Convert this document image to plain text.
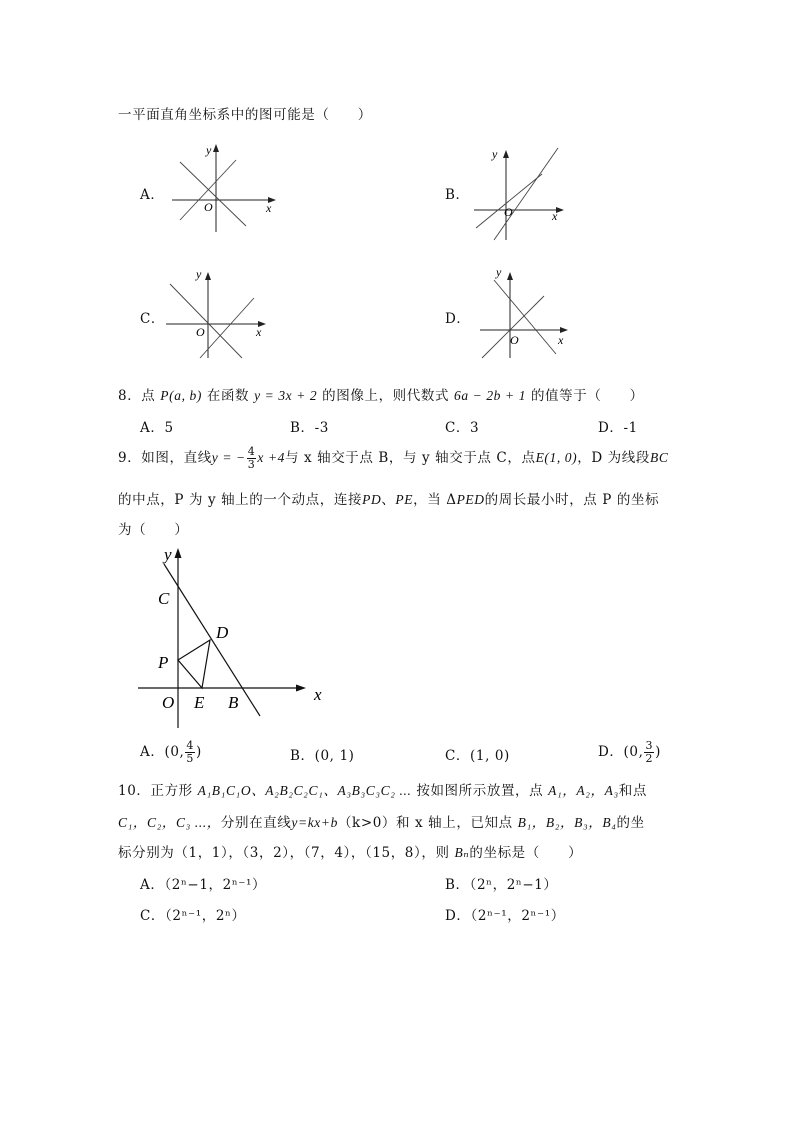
一平面直角坐标系中的图可能是（　　）
A．
y
x
O
B．
y
x
O
C．
y
x
O
D．
y
x
O
8．点 P(a, b) 在函数 y = 3x + 2 的图像上，则代数式 6a − 2b + 1 的值等于（　　）
A．5	B．-3	C．3	D．-1
9．如图，直线y = − $\frac{4}{3}$ x +4与 x 轴交于点 B，与 y 轴交于点 C，点E(1, 0)，D 为线段BC
的中点，P 为 y 轴上的一个动点，连接PD、PE，当 ΔPED的周长最小时，点 P 的坐标
为（　　）
y
x
C
D
P
O E B
A．(0, $\frac{4}{5}$ )	B．(0, 1)	C．(1, 0)	D．(0, $\frac{3}{2}$ )
10．正方形 A₁B₁C₁O、A₂B₂C₂C₁、A₃B₃C₃C₂ ... 按如图所示放置，点 A₁，A₂，A₃和点
C₁，C₂，C₃ ...，分别在直线y=kx+b（k>0）和 x 轴上，已知点 B₁，B₂，B₃，B₄的坐
标分别为（1，1），（3，2），（7，4），（15，8），则 Bₙ的坐标是（　　）
A．（2ⁿ−1，2ⁿ⁻¹）	B．（2ⁿ，2ⁿ−1）
C．（2ⁿ⁻¹，2ⁿ）	D．（2ⁿ⁻¹，2ⁿ⁻¹）
